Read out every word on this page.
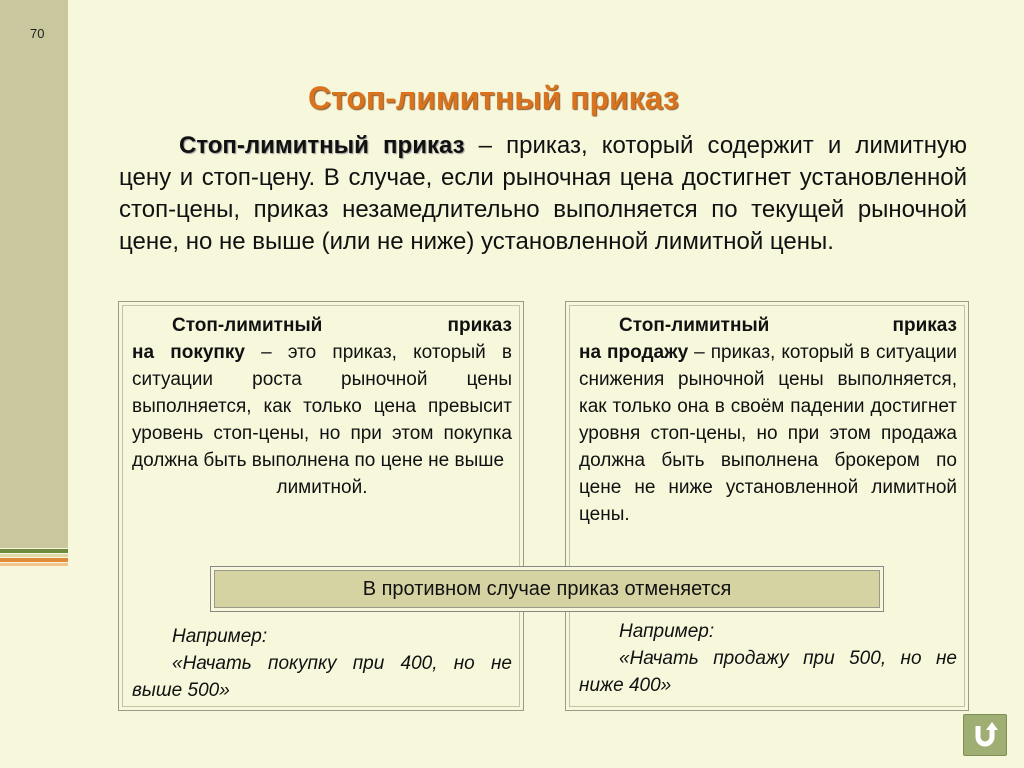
70
Стоп-лимитный приказ

Стоп-лимитный приказ – приказ, который содержит и лимитную цену и стоп-цену. В случае, если рыночная цена достигнет установленной стоп-цены, приказ незамедлительно выполняется по текущей рыночной цене, но не выше (или не ниже) установленной лимитной цены.

Стоп-лимитный приказ
на покупку – это приказ, который в ситуации роста рыночной цены выполняется, как только цена превысит уровень стоп-цены, но при этом покупка должна быть выполнена по цене не выше
лимитной.

Например:

«Начать покупку при 400, но не выше 500»

Стоп-лимитный приказ
на продажу – приказ, который в ситуации снижения рыночной цены выполняется, как только она в своём падении достигнет уровня стоп-цены, но при этом продажа должна быть выполнена брокером по цене не ниже установленной лимитной цены.

Например:

«Начать продажу при 500, но не ниже 400»

В противном случае приказ отменяется
